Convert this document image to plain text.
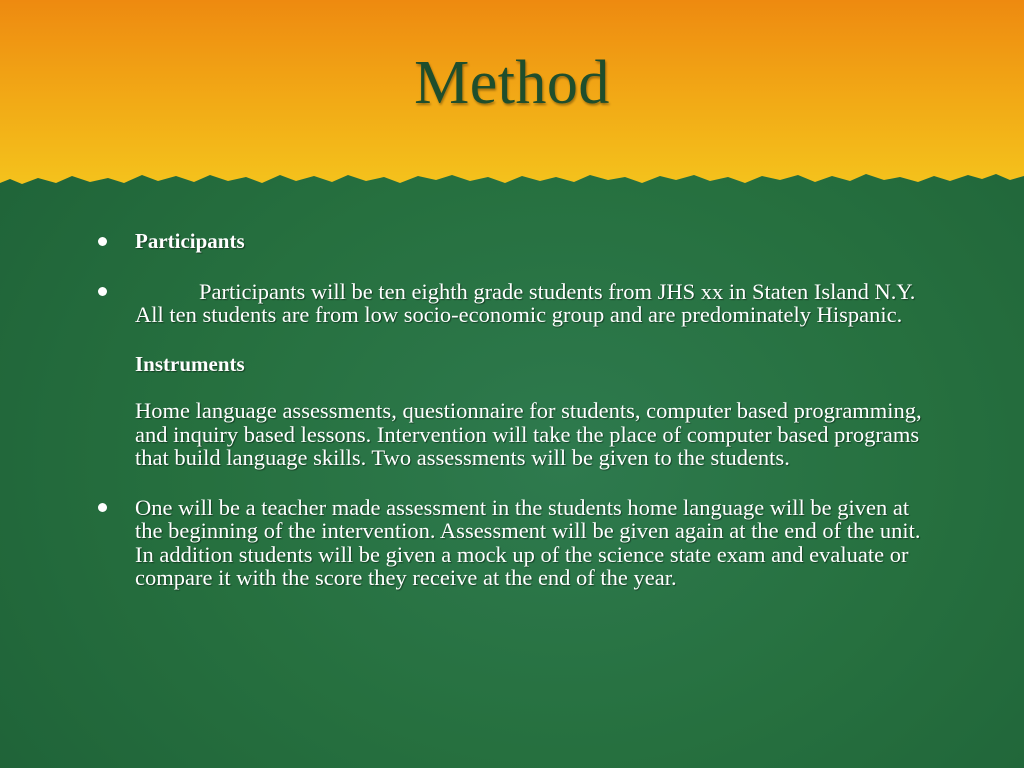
Method

Participants

Participants will be ten eighth grade students from JHS xx in Staten Island N.Y. All ten students are from low socio-economic group and are predominately Hispanic.

Instruments

Home language assessments, questionnaire for students, computer based programming, and inquiry based lessons. Intervention will take the place of computer based programs that build language skills. Two assessments will be given to the students.

One will be a teacher made assessment in the students home language will be given at the beginning of the intervention. Assessment will be given again at the end of the unit. In addition students will be given a mock up of the science state exam and evaluate or compare it with the score they receive at the end of the year.
